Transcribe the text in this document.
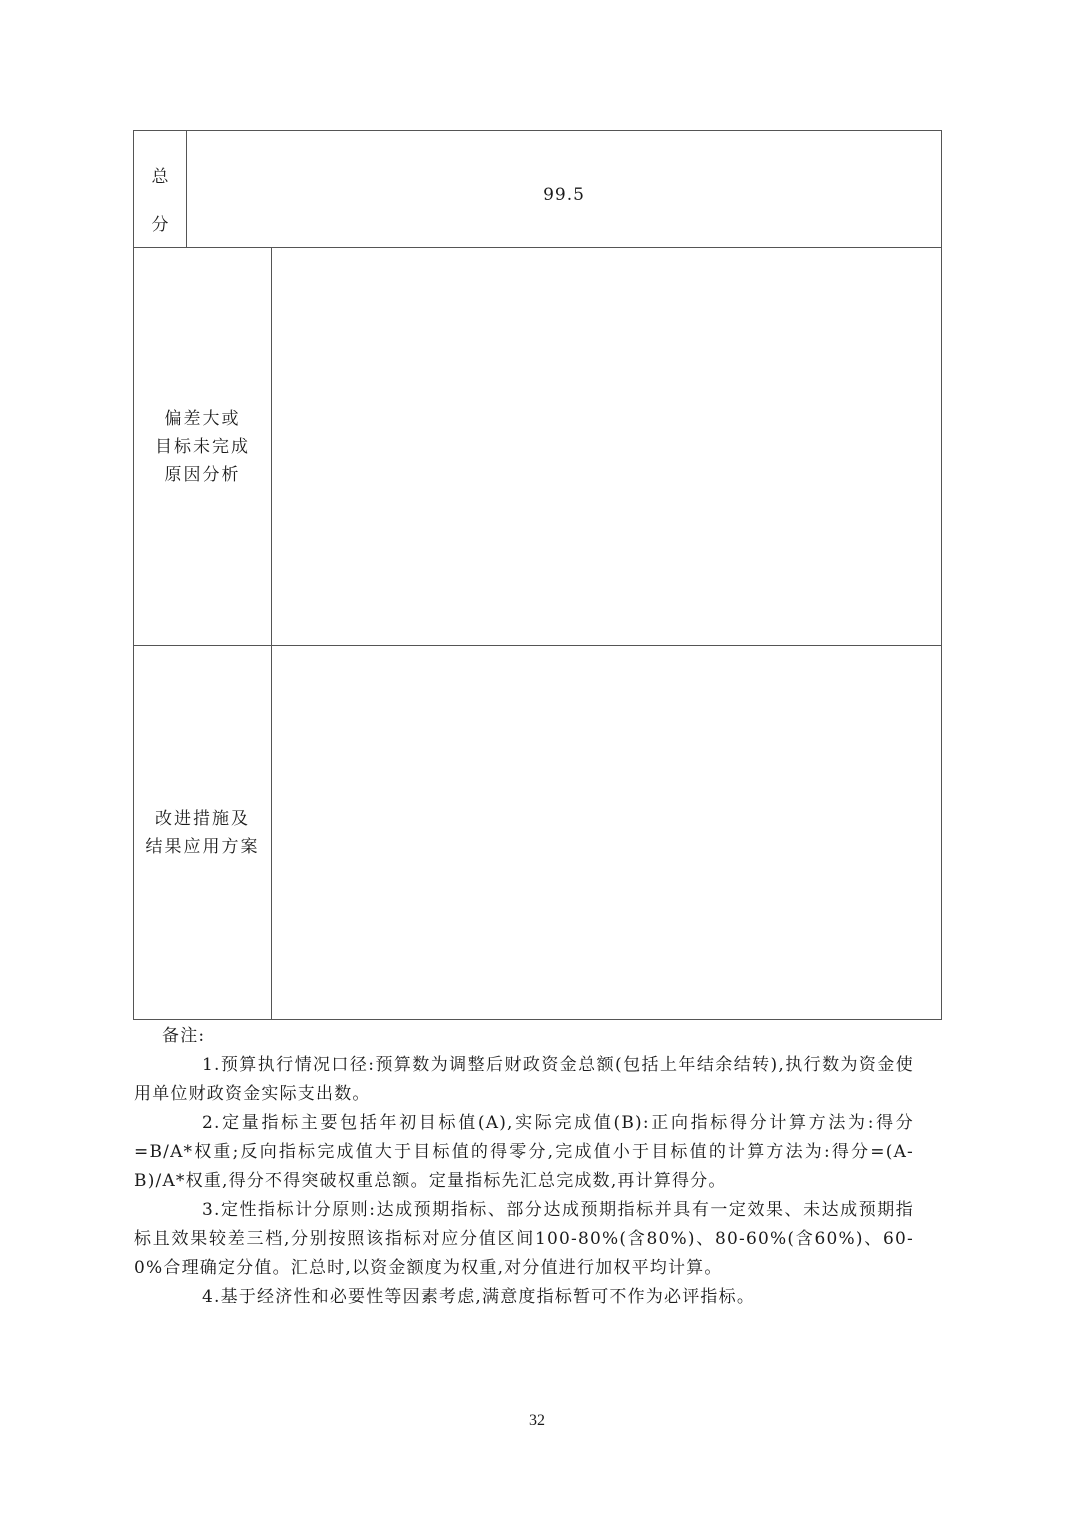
总
分
99.5
偏差大或
目标未完成
原因分析
改进措施及
结果应用方案

备注:

1.预算执行情况口径:预算数为调整后财政资金总额(包括上年结余结转),执行数为资金使用单位财政资金实际支出数。

2.定量指标主要包括年初目标值(A),实际完成值(B):正向指标得分计算方法为:得分=B/A*权重;反向指标完成值大于目标值的得零分,完成值小于目标值的计算方法为:得分=(A-B)/A*权重,得分不得突破权重总额。定量指标先汇总完成数,再计算得分。

3.定性指标计分原则:达成预期指标、部分达成预期指标并具有一定效果、未达成预期指标且效果较差三档,分别按照该指标对应分值区间100-80%(含80%)、80-60%(含60%)、60-0%合理确定分值。汇总时,以资金额度为权重,对分值进行加权平均计算。

4.基于经济性和必要性等因素考虑,满意度指标暂可不作为必评指标。

32
